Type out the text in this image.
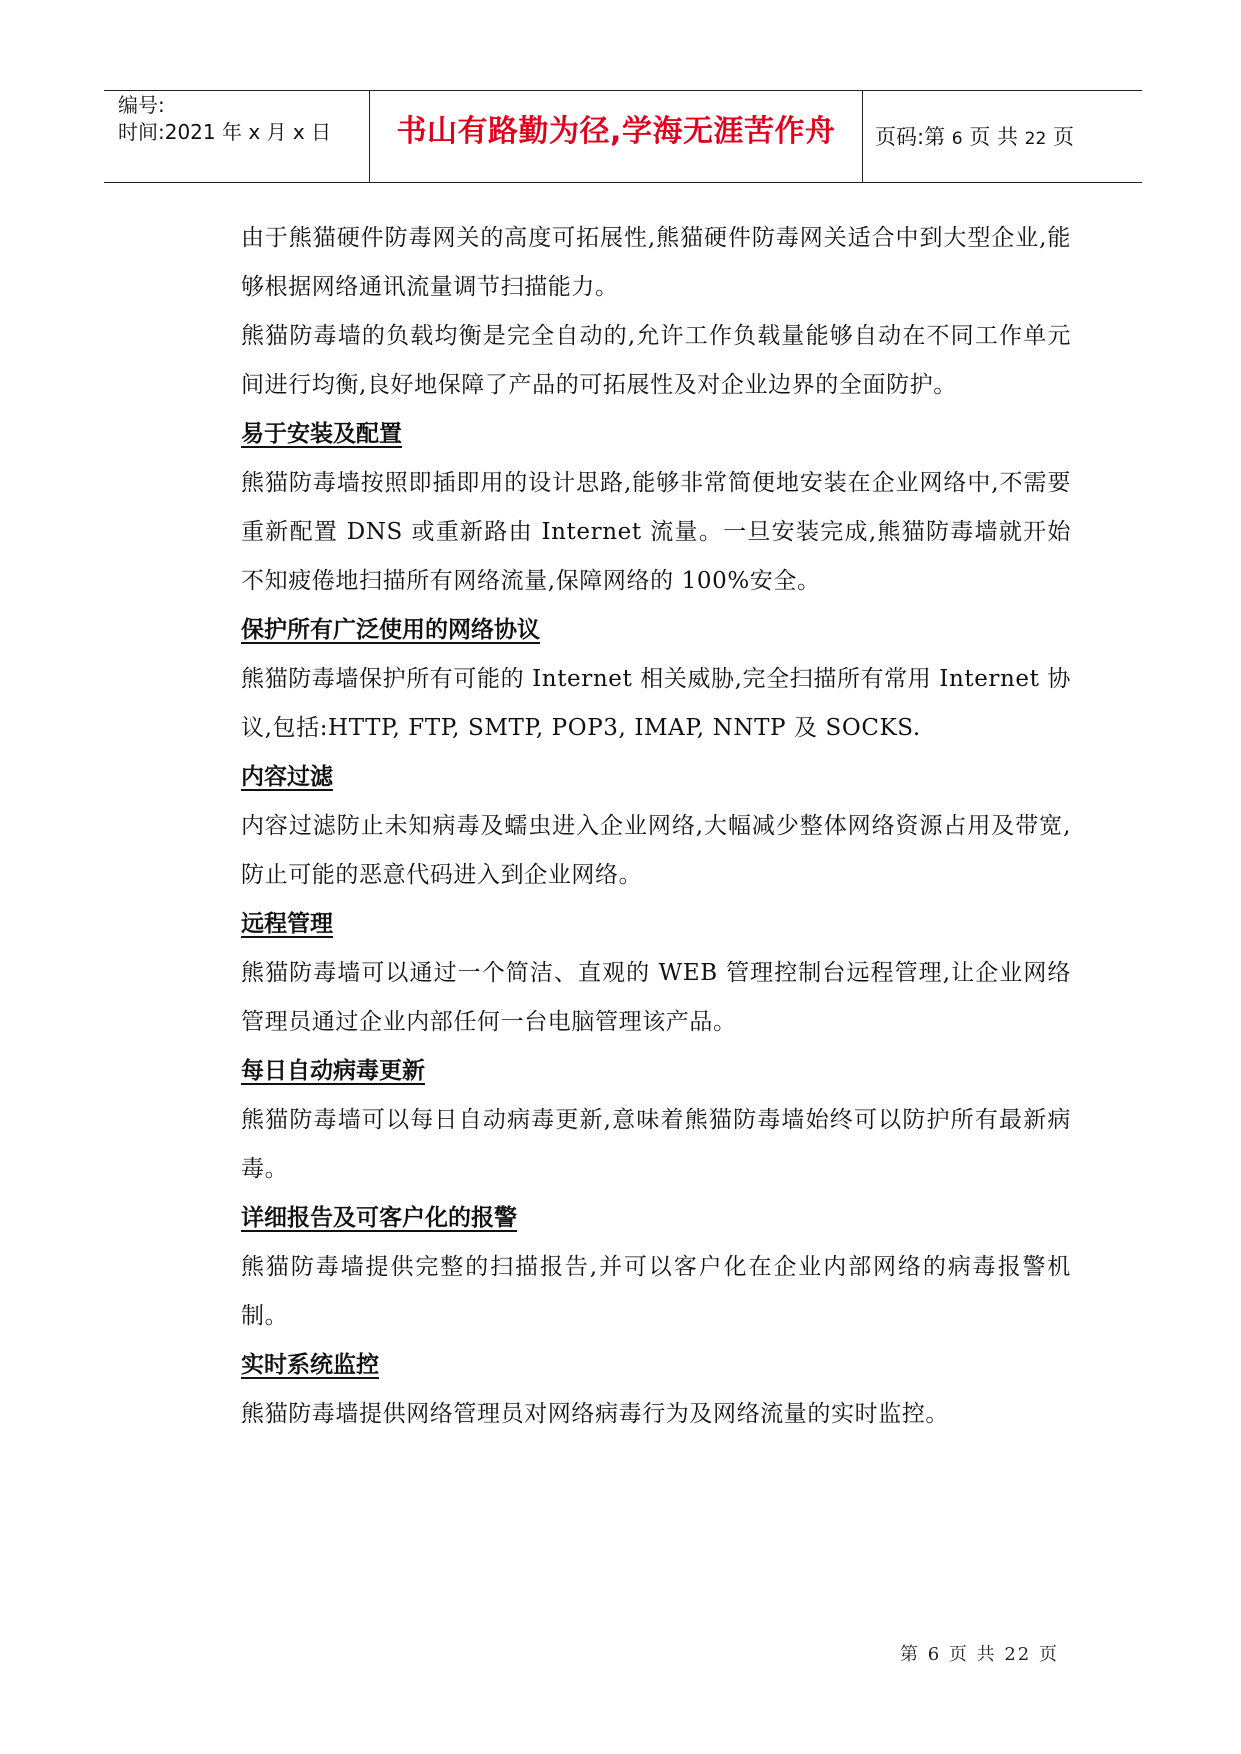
编号:
时间:2021 年 x 月 x 日	书山有路勤为径,学海无涯苦作舟	页码:第 6 页 共 22 页

由于熊猫硬件防毒网关的高度可拓展性,熊猫硬件防毒网关适合中到大型企业,能够根据网络通讯流量调节扫描能力。

熊猫防毒墙的负载均衡是完全自动的,允许工作负载量能够自动在不同工作单元间进行均衡,良好地保障了产品的可拓展性及对企业边界的全面防护。

易于安装及配置

熊猫防毒墙按照即插即用的设计思路,能够非常简便地安装在企业网络中,不需要重新配置 DNS 或重新路由 Internet 流量。一旦安装完成,熊猫防毒墙就开始不知疲倦地扫描所有网络流量,保障网络的 100%安全。

保护所有广泛使用的网络协议

熊猫防毒墙保护所有可能的 Internet 相关威胁,完全扫描所有常用 Internet 协议,包括:HTTP, FTP, SMTP, POP3, IMAP, NNTP 及 SOCKS.

内容过滤

内容过滤防止未知病毒及蠕虫进入企业网络,大幅减少整体网络资源占用及带宽,防止可能的恶意代码进入到企业网络。

远程管理

熊猫防毒墙可以通过一个简洁、直观的 WEB 管理控制台远程管理,让企业网络管理员通过企业内部任何一台电脑管理该产品。

每日自动病毒更新

熊猫防毒墙可以每日自动病毒更新,意味着熊猫防毒墙始终可以防护所有最新病毒。

详细报告及可客户化的报警

熊猫防毒墙提供完整的扫描报告,并可以客户化在企业内部网络的病毒报警机制。

实时系统监控

熊猫防毒墙提供网络管理员对网络病毒行为及网络流量的实时监控。

第 6 页 共 22 页
